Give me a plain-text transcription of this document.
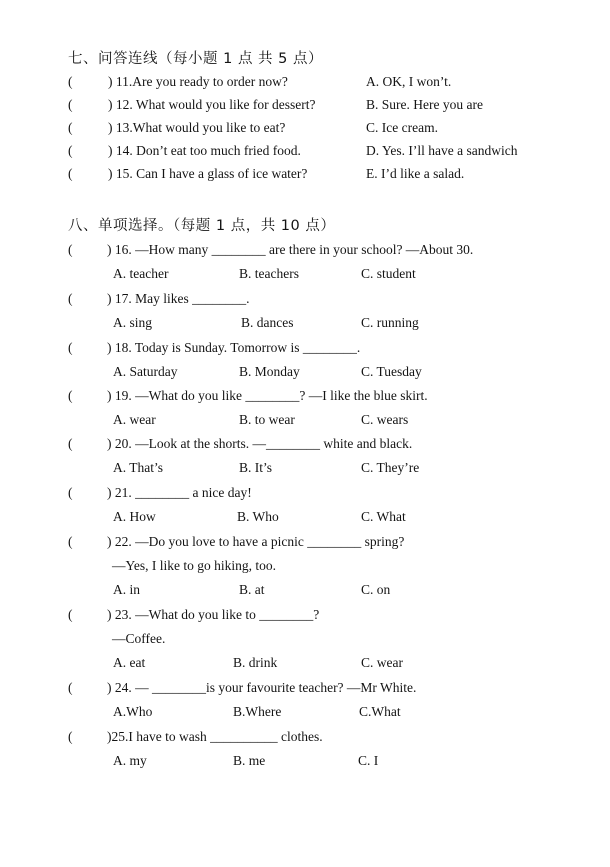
七、问答连线（每小题 1 点 共 5 点）
(	) 11.Are you ready to order now?	A. OK, I won’t.
(	) 12. What would you like for dessert?	B. Sure. Here you are
(	) 13.What would you like to eat?	C. Ice cream.
(	) 14. Don’t eat too much fried food.	D. Yes. I’ll have a sandwich
(	) 15. Can I have a glass of ice water?	E. I’d like a salad.
八、单项选择。（每题 1 点，共 10 点）
(	) 16. —How many ________ are there in your school? —About 30.
A. teacher	B. teachers	C. student
(	) 17. May likes ________.
A. sing	B. dances	C. running
(	) 18. Today is Sunday. Tomorrow is ________.
A. Saturday	B. Monday	C. Tuesday
(	) 19. —What do you like ________? —I like the blue skirt.
A. wear	B. to wear	C. wears
(	) 20. —Look at the shorts. —________ white and black.
A. That’s	B. It’s	C. They’re
(	) 21. ________ a nice day!
A. How	B. Who	C. What
(	) 22. —Do you love to have a picnic ________ spring?
—Yes, I like to go hiking, too.
A. in	B. at	C. on
(	) 23. —What do you like to ________?
—Coffee.
A. eat	B. drink	C. wear
(	) 24. — ________is your favourite teacher? —Mr White.
A.Who	B.Where	C.What
(	)25.I have to wash __________ clothes.
A. my	B. me	C. I
